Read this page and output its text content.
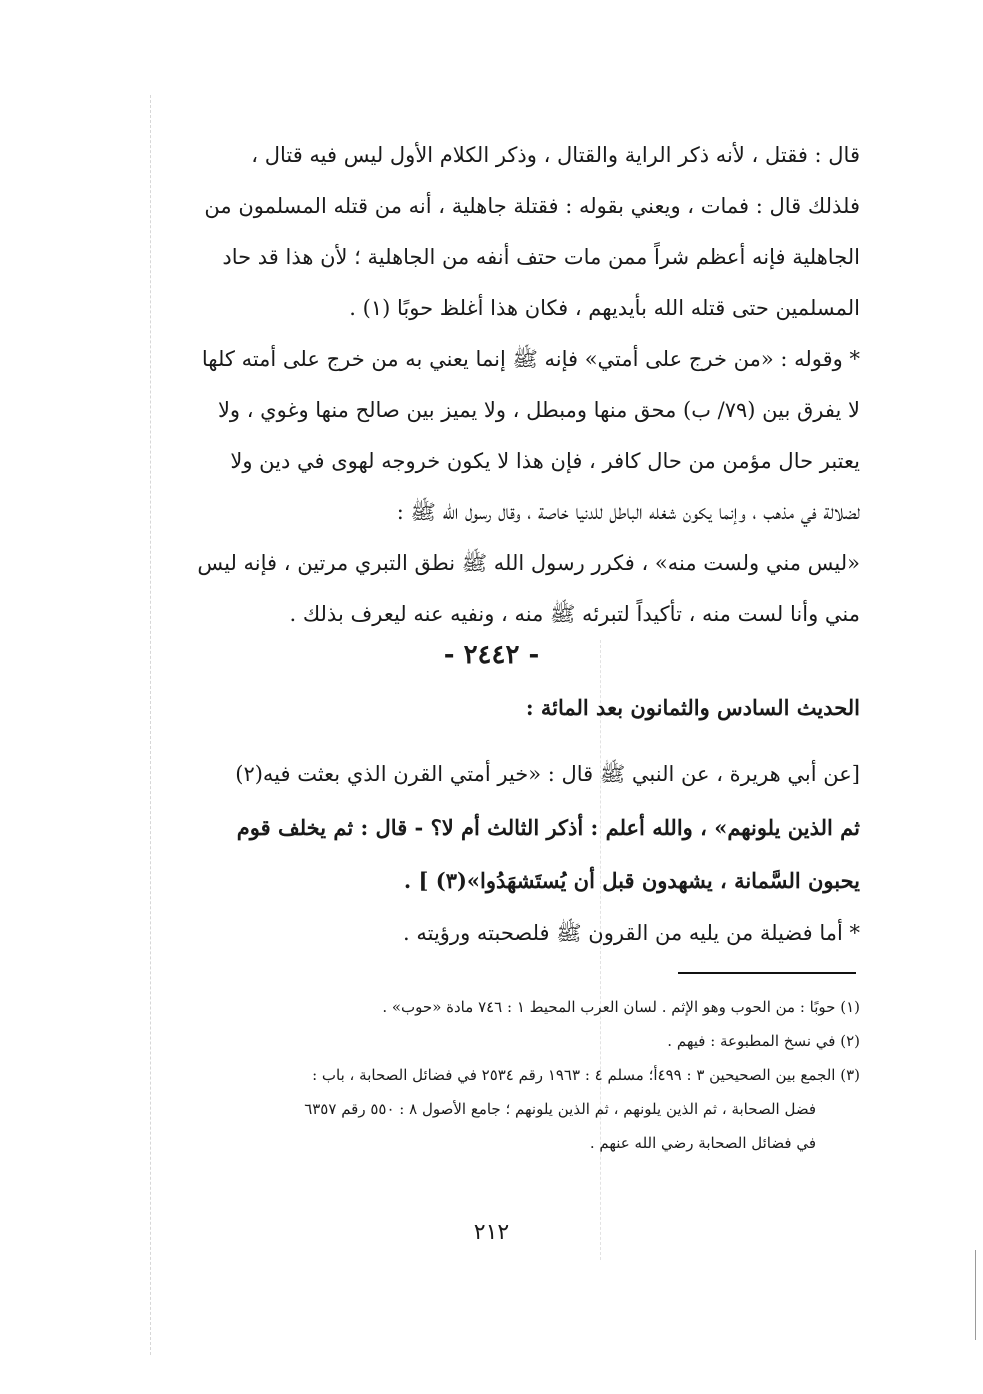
قال : فقتل ، لأنه ذكر الراية والقتال ، وذكر الكلام الأول ليس فيه قتال ،
فلذلك قال : فمات ، ويعني بقوله : فقتلة جاهلية ، أنه من قتله المسلمون من
الجاهلية فإنه أعظم شراً ممن مات حتف أنفه من الجاهلية ؛ لأن هذا قد حاد
المسلمين حتى قتله الله بأيديهم ، فكان هذا أغلظ حوبًا (١) .
* وقوله : «من خرج على أمتي» فإنه ﷺ إنما يعني به من خرج على أمته كلها
لا يفرق بين (٧٩/ ب) محق منها ومبطل ، ولا يميز بين صالح منها وغوي ، ولا
يعتبر حال مؤمن من حال كافر ، فإن هذا لا يكون خروجه لهوى في دين ولا
لضلالة في مذهب ، وإنما يكون شغله الباطل للدنيا خاصة ، وقال رسول الله ﷺ :
«ليس مني ولست منه» ، فكرر رسول الله ﷺ نطق التبري مرتين ، فإنه ليس
مني وأنا لست منه ، تأكيداً لتبرئه ﷺ منه ، ونفيه عنه ليعرف بذلك .
- ٢٤٤٢ -
الحديث السادس والثمانون بعد المائة :
[عن أبي هريرة ، عن النبي ﷺ قال : «خير أمتي القرن الذي بعثت فيه(٢)
ثم الذين يلونهم» ، والله أعلم : أذكر الثالث أم لا؟ - قال : ثم يخلف قوم
يحبون السَّمانة ، يشهدون قبل أن يُستَشهَدُوا»(٣) ] .
* أما فضيلة من يليه من القرون ﷺ فلصحبته ورؤيته .
(١) حوبًا : من الحوب وهو الإثم . لسان العرب المحيط ١ : ٧٤٦ مادة «حوب» .
(٢) في نسخ المطبوعة : فيهم .
(٣) الجمع بين الصحيحين ٣ : ٤٩٩أ؛ مسلم ٤ : ١٩٦٣ رقم ٢٥٣٤ في فضائل الصحابة ، باب :
فضل الصحابة ، ثم الذين يلونهم ، ثم الذين يلونهم ؛ جامع الأصول ٨ : ٥٥٠ رقم ٦٣٥٧
في فضائل الصحابة رضي الله عنهم .
٢١٢
